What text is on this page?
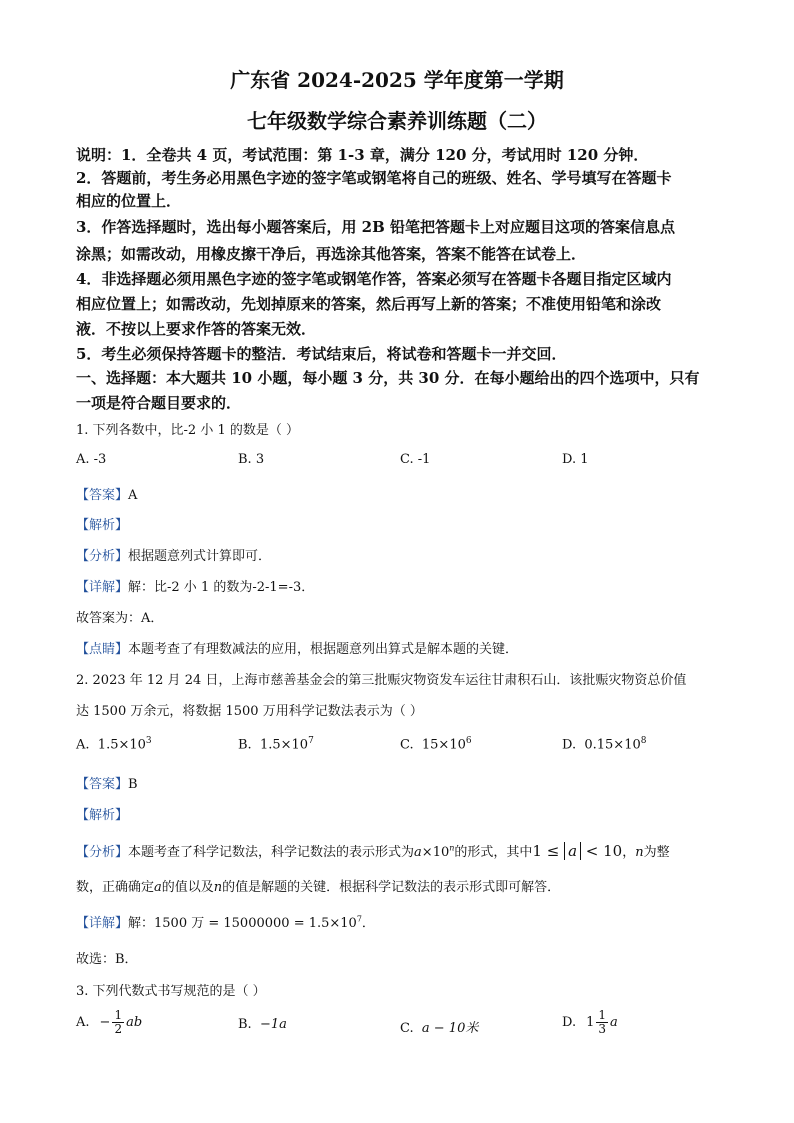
广东省 2024-2025 学年度第一学期
七年级数学综合素养训练题（二）
说明：1．全卷共 4 页，考试范围：第 1-3 章，满分 120 分，考试用时 120 分钟．
2．答题前，考生务必用黑色字迹的签字笔或钢笔将自己的班级、姓名、学号填写在答题卡
相应的位置上．
3．作答选择题时，选出每小题答案后，用 2B 铅笔把答题卡上对应题目这项的答案信息点
涂黑；如需改动，用橡皮擦干净后，再选涂其他答案，答案不能答在试卷上．
4．非选择题必须用黑色字迹的签字笔或钢笔作答，答案必须写在答题卡各题目指定区域内
相应位置上；如需改动，先划掉原来的答案，然后再写上新的答案；不准使用铅笔和涂改
液．不按以上要求作答的答案无效．
5．考生必须保持答题卡的整洁．考试结束后，将试卷和答题卡一并交回．
一、选择题：本大题共 10 小题，每小题 3 分，共 30 分．在每小题给出的四个选项中，只有
一项是符合题目要求的．
1. 下列各数中，比-2 小 1 的数是（ ）
A. -3	B. 3	C. -1	D. 1
【答案】A
【解析】
【分析】根据题意列式计算即可．
【详解】解：比-2 小 1 的数为-2-1=-3．
故答案为：A．
【点睛】本题考查了有理数减法的应用，根据题意列出算式是解本题的关键．
2. 2023 年 12 月 24 日，上海市慈善基金会的第三批赈灾物资发车运往甘肃积石山．该批赈灾物资总价值
达 1500 万余元，将数据 1500 万用科学记数法表示为（ ）
A. $1.5\times 10^3$	B. $1.5\times 10^7$	C. $15\times 10^6$	D. $0.15\times 10^8$
【答案】B
【解析】
【分析】本题考查了科学记数法，科学记数法的表示形式为$a\times 10^n$的形式，其中1 ≤ a < 10，n为整
数，正确确定a的值以及n的值是解题的关键．根据科学记数法的表示形式即可解答．
【详解】解：1500 万 = $15000000 = 1.5\times 10^7$．
故选：B．
3. 下列代数式书写规范的是（ ）
A. − $\frac{1}{2}$ ab	B. −1a	C. a − 10米	D. 1 1
3 a
